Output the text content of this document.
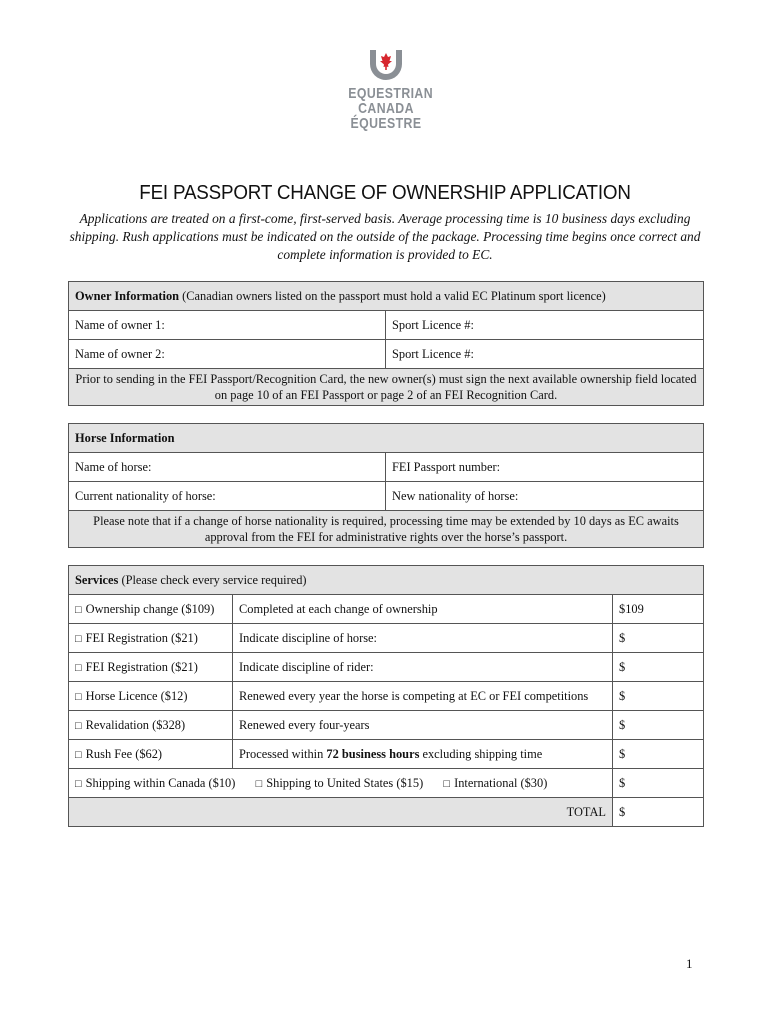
EQUESTRIAN
CANADA
ÉQUESTRE
FEI PASSPORT CHANGE OF OWNERSHIP APPLICATION
Applications are treated on a first-come, first-served basis. Average processing time is 10 business days excluding shipping. Rush applications must be indicated on the outside of the package. Processing time begins once correct and complete information is provided to EC.
Owner Information (Canadian owners listed on the passport must hold a valid EC Platinum sport licence)	
Name of owner 1:	Sport Licence #:
Name of owner 2:	Sport Licence #:
Prior to sending in the FEI Passport/Recognition Card, the new owner(s) must sign the next available ownership field located on page 10 of an FEI Passport or page 2 of an FEI Recognition Card.	
Horse Information	
Name of horse:	FEI Passport number:
Current nationality of horse:	New nationality of horse:
Please note that if a change of horse nationality is required, processing time may be extended by 10 days as EC awaits approval from the FEI for administrative rights over the horse’s passport.	
Services (Please check every service required)		
□ Ownership change ($109)	Completed at each change of ownership	$109
□ FEI Registration ($21)	Indicate discipline of horse:	$
□ FEI Registration ($21)	Indicate discipline of rider:	$
□ Horse Licence ($12)	Renewed every year the horse is competing at EC or FEI competitions	$
□ Revalidation ($328)	Renewed every four-years	$
□ Rush Fee ($62)	Processed within 72 business hours excluding shipping time	$
□ Shipping within Canada ($10) □ Shipping to United States ($15) □ International ($30)		$
TOTAL		$
1
